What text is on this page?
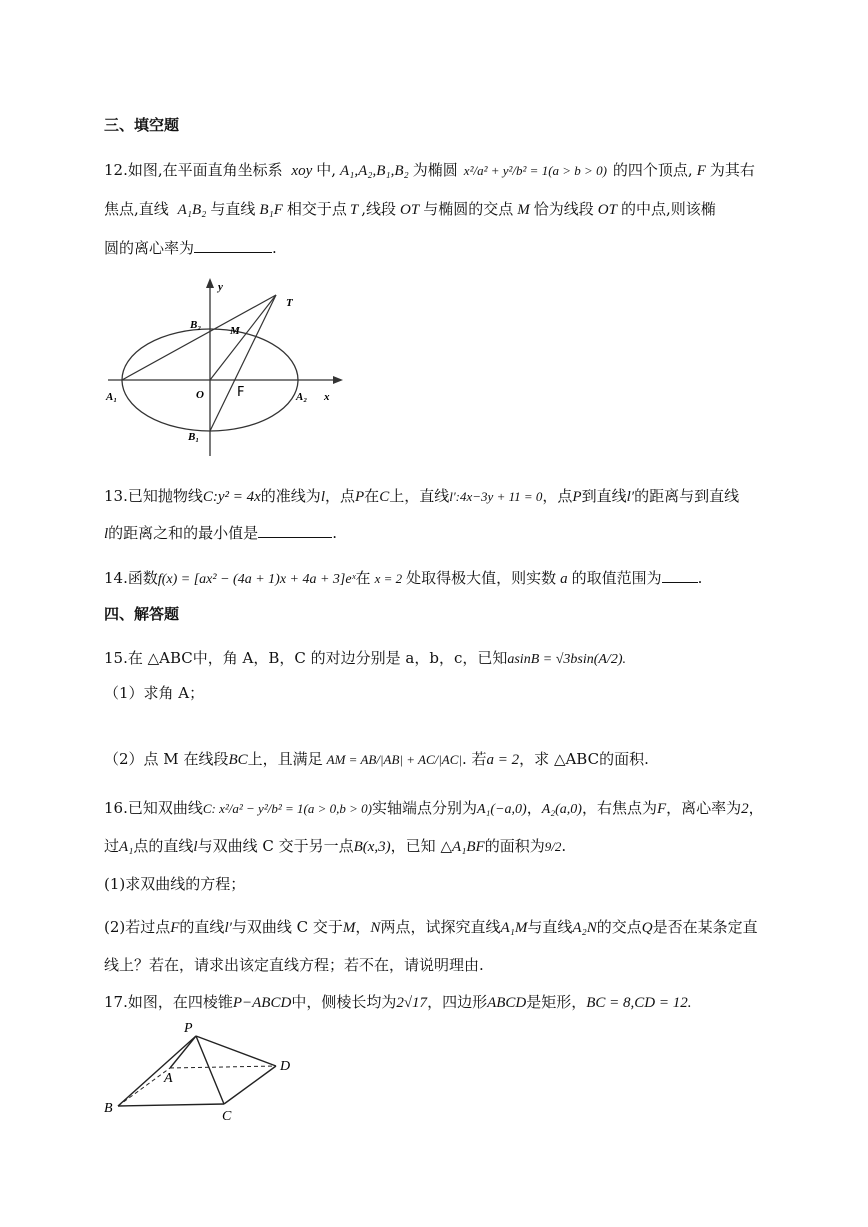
三、填空题
12.如图,在平面直角坐标系 xoy 中, A₁,A₂,B₁,B₂ 为椭圆 x²/a² + y²/b² = 1(a > b > 0) 的四个顶点, F 为其右
焦点,直线 A₁B₂ 与直线 B₁F 相交于点 T ,线段 OT 与椭圆的交点 M 恰为线段 OT 的中点,则该椭
圆的离心率为	.
y
x
T
M
B₂
O	F
A₁	A₂
B₁
13.已知抛物线C:y² = 4x的准线为l，点P在C上，直线l′:4x−3y + 11 = 0，点P到直线l′的距离与到直线
l的距离之和的最小值是	.
14.函数f(x) = [ax² − (4a + 1)x + 4a + 3]eˣ在 x = 2 处取得极大值，则实数 a 的取值范围为 .
四、解答题
15.在 △ABC中，角 A，B，C 的对边分别是 a，b，c，已知asinB = √3bsin(A/2).
（1）求角 A；
（2）点 M 在线段BC上，且满足 AM = AB/|AB| + AC/|AC|. 若a = 2，求 △ABC的面积.
16.已知双曲线C: x²/a² − y²/b² = 1(a > 0,b > 0)实轴端点分别为A₁(−a,0)，A₂(a,0)，右焦点为F，离心率为2，
过A₁点的直线l与双曲线 C 交于另一点B(x,3)，已知 △A₁BF的面积为9/2.
(1)求双曲线的方程；
(2)若过点F的直线l′与双曲线 C 交于M，N两点，试探究直线A₁M与直线A₂N的交点Q是否在某条定直
线上？若在，请求出该定直线方程；若不在，请说明理由.
17.如图，在四棱锥P−ABCD中，侧棱长均为2√17，四边形ABCD是矩形，BC = 8,CD = 12.
P
A
B
C
D
